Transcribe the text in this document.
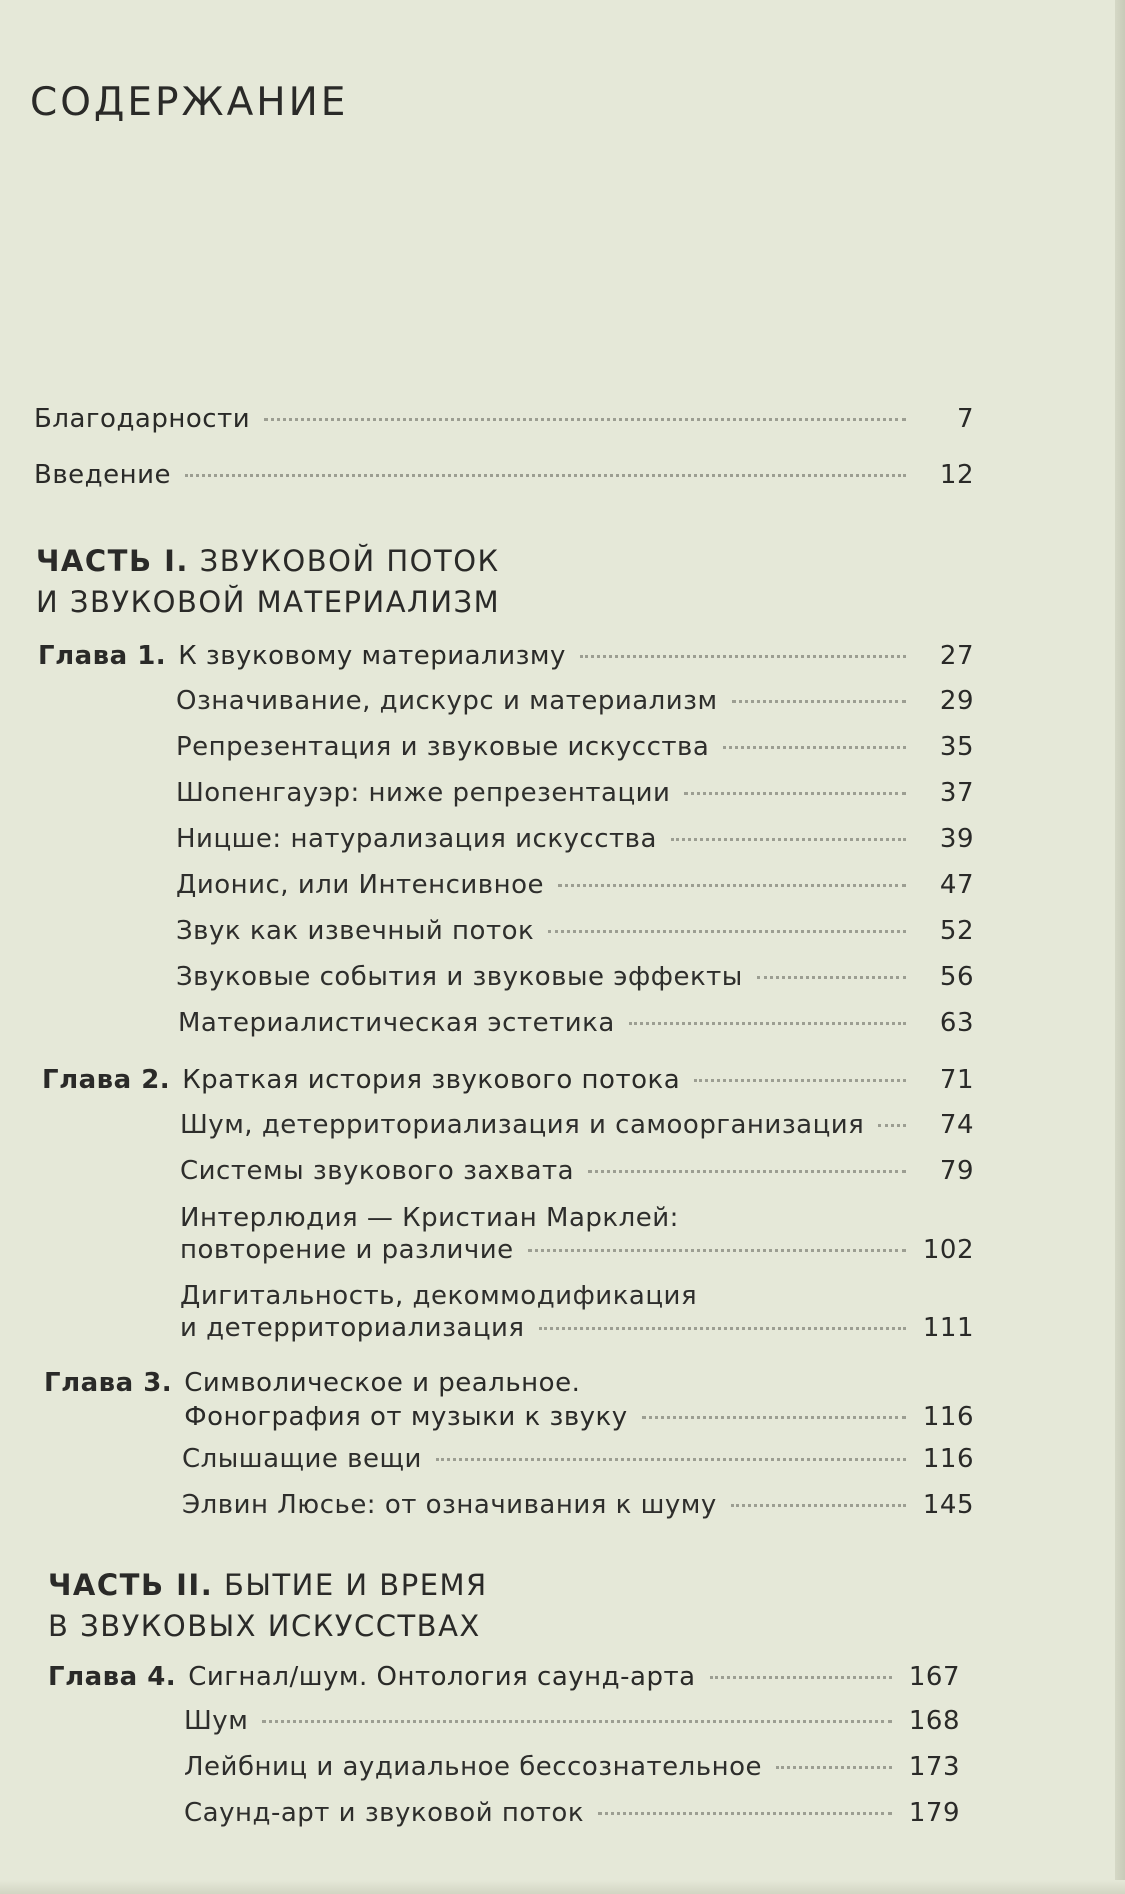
СОДЕРЖАНИЕ
Благодарности	7
Введение	12
ЧАСТЬ I. ЗВУКОВОЙ ПОТОК
И ЗВУКОВОЙ МАТЕРИАЛИЗМ
Глава 1. К звуковому материализму	27
Означивание, дискурс и материализм	29
Репрезентация и звуковые искусства	35
Шопенгауэр: ниже репрезентации	37
Ницше: натурализация искусства	39
Дионис, или Интенсивное	47
Звук как извечный поток	52
Звуковые события и звуковые эффекты	56
Материалистическая эстетика	63
Глава 2. Краткая история звукового потока	71
Шум, детерриториализация и самоорганизация	74
Системы звукового захвата	79
Интерлюдия — Кристиан Марклей:
повторение и различие	102
Дигитальность, декоммодификация
и детерриториализация	111
Глава 3. Символическое и реальное.
Фонография от музыки к звуку	116
Слышащие вещи	116
Элвин Люсье: от означивания к шуму	145
ЧАСТЬ II. БЫТИЕ И ВРЕМЯ
В ЗВУКОВЫХ ИСКУССТВАХ
Глава 4. Сигнал/шум. Онтология саунд-арта	167
Шум	168
Лейбниц и аудиальное бессознательное	173
Саунд-арт и звуковой поток	179
